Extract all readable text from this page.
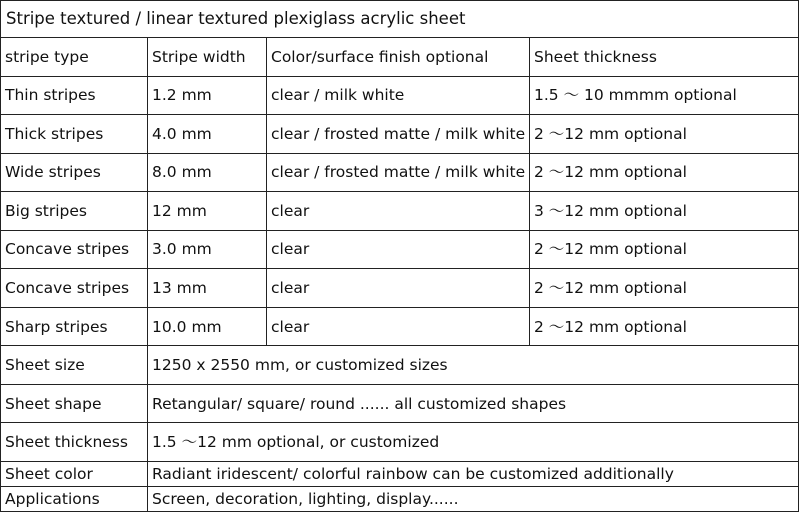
Stripe textured / linear textured plexiglass acrylic sheet			
stripe type	Stripe width	Color/surface finish optional	Sheet thickness
Thin stripes	1.2 mm	clear / milk white	1.5 ～ 10 mmmm optional
Thick stripes	4.0 mm	clear / frosted matte / milk white	2 ～12 mm optional
Wide stripes	8.0 mm	clear / frosted matte / milk white	2 ～12 mm optional
Big stripes	12 mm	clear	3 ～12 mm optional
Concave stripes	3.0 mm	clear	2 ～12 mm optional
Concave stripes	13 mm	clear	2 ～12 mm optional
Sharp stripes	10.0 mm	clear	2 ～12 mm optional
Sheet size	1250 x 2550 mm, or customized sizes		
Sheet shape	Retangular/ square/ round ...... all customized shapes		
Sheet thickness	1.5 ～12 mm optional, or customized		
Sheet color	Radiant iridescent/ colorful rainbow can be customized additionally		
Applications	Screen, decoration, lighting, display......		
